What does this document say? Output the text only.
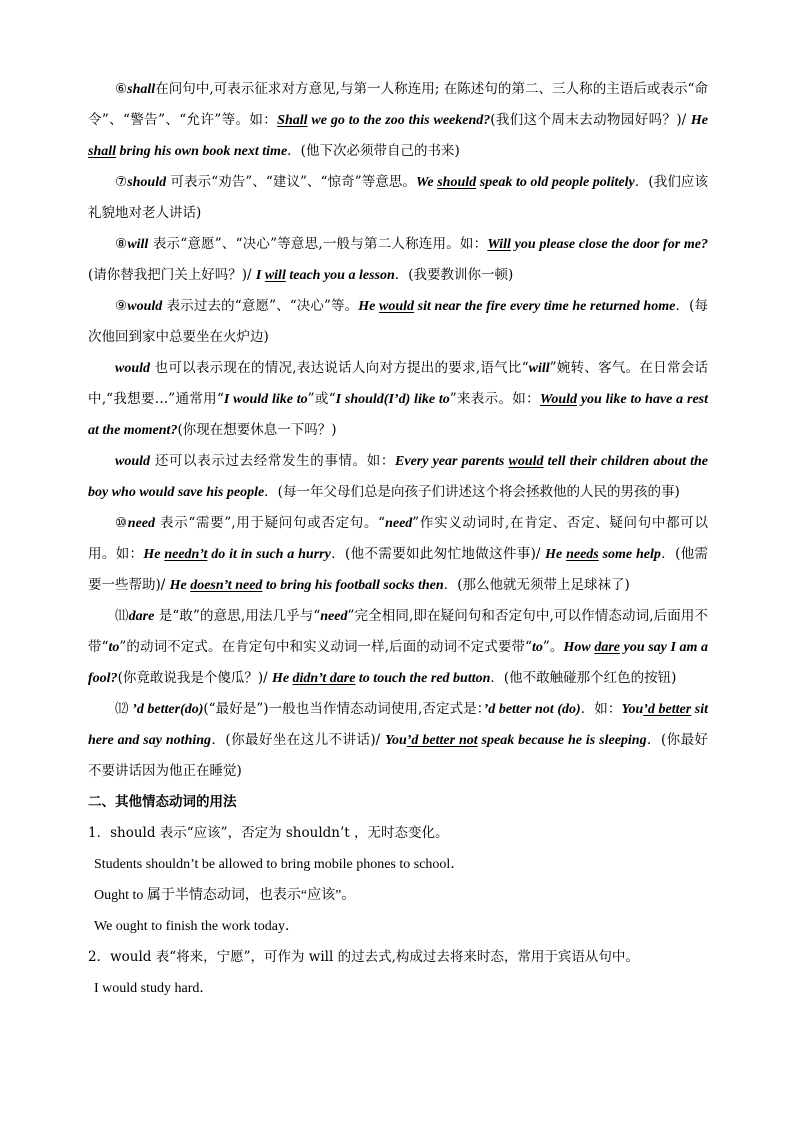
⑥shall在问句中,可表示征求对方意见,与第一人称连用; 在陈述句的第二、三人称的主语后或表示“命令”、“警告”、“允许”等。如：Shall we go to the zoo this weekend?(我们这个周末去动物园好吗？)/ He shall bring his own book next time．(他下次必须带自己的书来)

⑦should 可表示“劝告”、“建议”、“惊奇”等意思。We should speak to old people politely．(我们应该礼貌地对老人讲话)

⑧will 表示“意愿”、“决心”等意思,一般与第二人称连用。如：Will you please close the door for me?(请你替我把门关上好吗？)/ I will teach you a lesson．(我要教训你一顿)

⑨would 表示过去的“意愿”、“决心”等。He would sit near the fire every time he returned home．(每次他回到家中总要坐在火炉边)

would 也可以表示现在的情况,表达说话人向对方提出的要求,语气比“will”婉转、客气。在日常会话中,“我想要…”通常用“I would like to”或“I should(I’d) like to”来表示。如：Would you like to have a rest at the moment?(你现在想要休息一下吗？)

would 还可以表示过去经常发生的事情。如：Every year parents would tell their children about the boy who would save his people．(每一年父母们总是向孩子们讲述这个将会拯救他的人民的男孩的事)

⑩need 表示“需要”,用于疑问句或否定句。“need”作实义动词时,在肯定、否定、疑问句中都可以用。如：He needn’t do it in such a hurry．(他不需要如此匆忙地做这件事)/ He needs some help．(他需要一些帮助)/ He doesn’t need to bring his football socks then．(那么他就无须带上足球袜了)

⑾dare 是“敢”的意思,用法几乎与“need”完全相同,即在疑问句和否定句中,可以作情态动词,后面用不带“to”的动词不定式。在肯定句中和实义动词一样,后面的动词不定式要带“to”。How dare you say I am a fool?(你竟敢说我是个傻瓜？)/ He didn’t dare to touch the red button．(他不敢触碰那个红色的按钮)

⑿ ’d better(do)(“最好是”)一般也当作情态动词使用,否定式是：’d better not (do)．如：You’d better sit here and say nothing．(你最好坐在这儿不讲话)/ You’d better not speak because he is sleeping．(你最好不要讲话因为他正在睡觉)

二、其他情态动词的用法

1．should 表示“应该”，否定为 shouldn’t ，无时态变化。

Students shouldn’t be allowed to bring mobile phones to school．

Ought to 属于半情态动词，也表示“应该”。

We ought to finish the work today．

2．would 表“将来，宁愿”，可作为 will 的过去式,构成过去将来时态，常用于宾语从句中。

I would study hard．
